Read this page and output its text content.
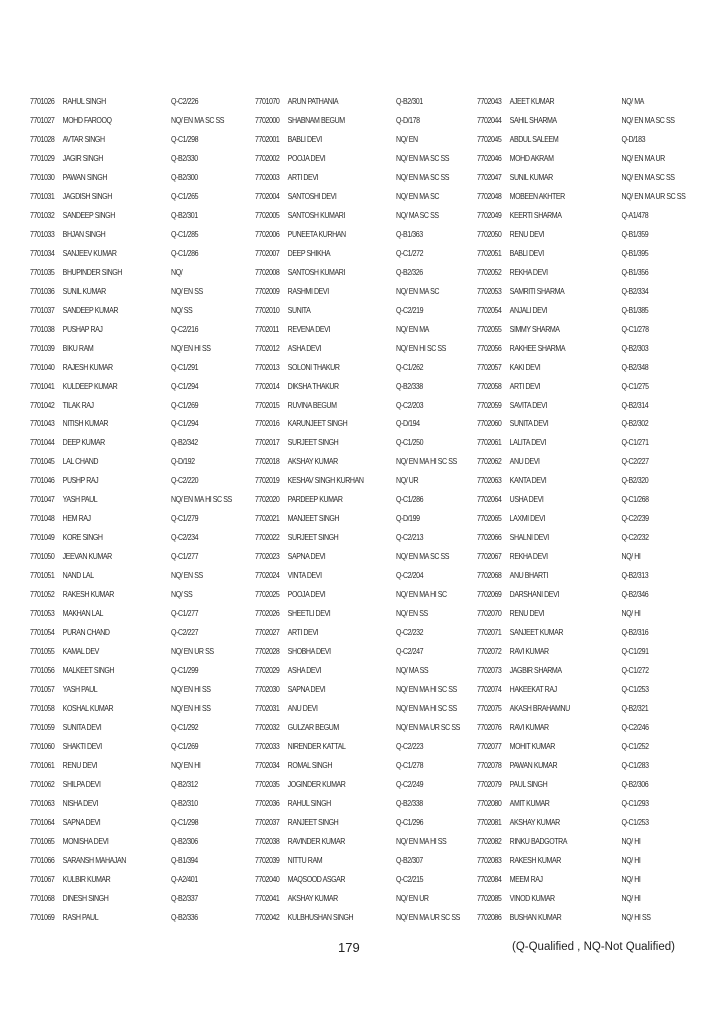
7701026 RAHUL SINGH	Q-C2/226
7701027 MOHD FAROOQ	NQ/ EN MA SC SS
7701028 AVTAR SINGH	Q-C1/298
7701029 JAGIR SINGH	Q-B2/330
7701030 PAWAN SINGH	Q-B2/300
7701031 JAGDISH SINGH	Q-C1/265
7701032 SANDEEP SINGH	Q-B2/301
7701033 BHJAN SINGH	Q-C1/285
7701034 SANJEEV KUMAR	Q-C1/286
7701035 BHUPINDER SINGH	NQ/
7701036 SUNIL KUMAR	NQ/ EN SS
7701037 SANDEEP KUMAR	NQ/ SS
7701038 PUSHAP RAJ	Q-C2/216
7701039 BIKU RAM	NQ/ EN HI SS
7701040 RAJESH KUMAR	Q-C1/291
7701041 KULDEEP KUMAR	Q-C1/294
7701042 TILAK RAJ	Q-C1/269
7701043 NITISH KUMAR	Q-C1/294
7701044 DEEP KUMAR	Q-B2/342
7701045 LAL CHAND	Q-D/192
7701046 PUSHP RAJ	Q-C2/220
7701047 YASH PAUL	NQ/ EN MA HI SC SS
7701048 HEM RAJ	Q-C1/279
7701049 KORE SINGH	Q-C2/234
7701050 JEEVAN KUMAR	Q-C1/277
7701051 NAND LAL	NQ/ EN SS
7701052 RAKESH KUMAR	NQ/ SS
7701053 MAKHAN LAL	Q-C1/277
7701054 PURAN CHAND	Q-C2/227
7701055 KAMAL DEV	NQ/ EN UR SS
7701056 MALKEET SINGH	Q-C1/299
7701057 YASH PAUL	NQ/ EN HI SS
7701058 KOSHAL KUMAR	NQ/ EN HI SS
7701059 SUNITA DEVI	Q-C1/292
7701060 SHAKTI DEVI	Q-C1/269
7701061 RENU DEVI	NQ/ EN HI
7701062 SHILPA DEVI	Q-B2/312
7701063 NISHA DEVI	Q-B2/310
7701064 SAPNA DEVI	Q-C1/298
7701065 MONISHA DEVI	Q-B2/306
7701066 SARANSH MAHAJAN	Q-B1/394
7701067 KULBIR KUMAR	Q-A2/401
7701068 DINESH SINGH	Q-B2/337
7701069 RASH PAUL	Q-B2/336
7701070 ARUN PATHANIA	Q-B2/301
7702000 SHABNAM BEGUM	Q-D/178
7702001 BABLI DEVI	NQ/ EN
7702002 POOJA DEVI	NQ/ EN MA SC SS
7702003 ARTI DEVI	NQ/ EN MA SC SS
7702004 SANTOSHI DEVI	NQ/ EN MA SC
7702005 SANTOSH KUMARI	NQ/ MA SC SS
7702006 PUNEETA KURHAN	Q-B1/363
7702007 DEEP SHIKHA	Q-C1/272
7702008 SANTOSH KUMARI	Q-B2/326
7702009 RASHMI DEVI	NQ/ EN MA SC
7702010 SUNITA	Q-C2/219
7702011 REVENA DEVI	NQ/ EN MA
7702012 ASHA DEVI	NQ/ EN HI SC SS
7702013 SOLONI THAKUR	Q-C1/262
7702014 DIKSHA THAKUR	Q-B2/338
7702015 RUVINA BEGUM	Q-C2/203
7702016 KARUNJEET SINGH	Q-D/194
7702017 SURJEET SINGH	Q-C1/250
7702018 AKSHAY KUMAR	NQ/ EN MA HI SC SS
7702019 KESHAV SINGH KURHAN	NQ/ UR
7702020 PARDEEP KUMAR	Q-C1/286
7702021 MANJEET SINGH	Q-D/199
7702022 SURJEET SINGH	Q-C2/213
7702023 SAPNA DEVI	NQ/ EN MA SC SS
7702024 VINTA DEVI	Q-C2/204
7702025 POOJA DEVI	NQ/ EN MA HI SC
7702026 SHEETLI DEVI	NQ/ EN SS
7702027 ARTI DEVI	Q-C2/232
7702028 SHOBHA DEVI	Q-C2/247
7702029 ASHA DEVI	NQ/ MA SS
7702030 SAPNA DEVI	NQ/ EN MA HI SC SS
7702031 ANU DEVI	NQ/ EN MA HI SC SS
7702032 GULZAR BEGUM	NQ/ EN MA UR SC SS
7702033 NIRENDER KATTAL	Q-C2/223
7702034 ROMAL SINGH	Q-C1/278
7702035 JOGINDER KUMAR	Q-C2/249
7702036 RAHUL SINGH	Q-B2/338
7702037 RANJEET SINGH	Q-C1/296
7702038 RAVINDER KUMAR	NQ/ EN MA HI SS
7702039 NITTU RAM	Q-B2/307
7702040 MAQSOOD ASGAR	Q-C2/215
7702041 AKSHAY KUMAR	NQ/ EN UR
7702042 KULBHUSHAN SINGH	NQ/ EN MA UR SC SS
7702043 AJEET KUMAR	NQ/ MA
7702044 SAHIL SHARMA	NQ/ EN MA SC SS
7702045 ABDUL SALEEM	Q-D/183
7702046 MOHD AKRAM	NQ/ EN MA UR
7702047 SUNIL KUMAR	NQ/ EN MA SC SS
7702048 MOBEEN AKHTER	NQ/ EN MA UR SC SS
7702049 KEERTI SHARMA	Q-A1/478
7702050 RENU DEVI	Q-B1/359
7702051 BABLI DEVI	Q-B1/395
7702052 REKHA DEVI	Q-B1/356
7702053 SAMRITI SHARMA	Q-B2/334
7702054 ANJALI DEVI	Q-B1/385
7702055 SIMMY SHARMA	Q-C1/278
7702056 RAKHEE SHARMA	Q-B2/303
7702057 KAKI DEVI	Q-B2/348
7702058 ARTI DEVI	Q-C1/275
7702059 SAVITA DEVI	Q-B2/314
7702060 SUNITA DEVI	Q-B2/302
7702061 LALITA DEVI	Q-C1/271
7702062 ANU DEVI	Q-C2/227
7702063 KANTA DEVI	Q-B2/320
7702064 USHA DEVI	Q-C1/268
7702065 LAXMI DEVI	Q-C2/239
7702066 SHALNI DEVI	Q-C2/232
7702067 REKHA DEVI	NQ/ HI
7702068 ANU BHARTI	Q-B2/313
7702069 DARSHANI DEVI	Q-B2/346
7702070 RENU DEVI	NQ/ HI
7702071 SANJEET KUMAR	Q-B2/316
7702072 RAVI KUMAR	Q-C1/291
7702073 JAGBIR SHARMA	Q-C1/272
7702074 HAKEEKAT RAJ	Q-C1/253
7702075 AKASH BRAHAMNU	Q-B2/321
7702076 RAVI KUMAR	Q-C2/246
7702077 MOHIT KUMAR	Q-C1/252
7702078 PAWAN KUMAR	Q-C1/283
7702079 PAUL SINGH	Q-B2/306
7702080 AMIT KUMAR	Q-C1/293
7702081 AKSHAY KUMAR	Q-C1/253
7702082 RINKU BADGOTRA	NQ/ HI
7702083 RAKESH KUMAR	NQ/ HI
7702084 MEEM RAJ	NQ/ HI
7702085 VINOD KUMAR	NQ/ HI
7702086 BUSHAN KUMAR	NQ/ HI SS
179	(Q-Qualified , NQ-Not Qualified)
